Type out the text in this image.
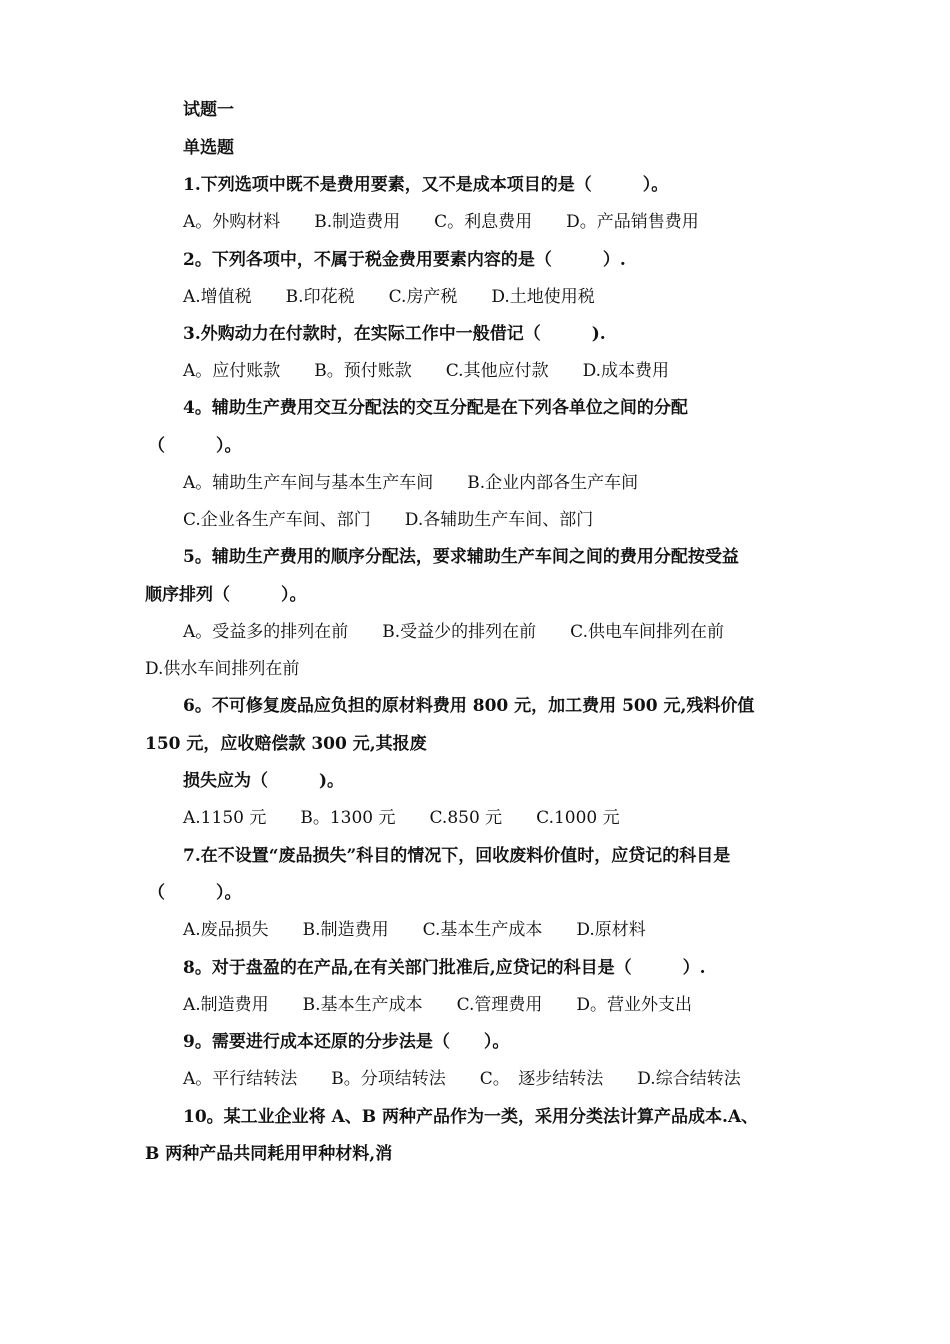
试题一

单选题

1.下列选项中既不是费用要素，又不是成本项目的是（　　　）。

A。外购材料　　B.制造费用　　C。利息费用　　D。产品销售费用

2。下列各项中，不属于税金费用要素内容的是（　　　）.

A.增值税　　B.印花税　　C.房产税　　D.土地使用税

3.外购动力在付款时，在实际工作中一般借记（　　　).

A。应付账款　　B。预付账款　　C.其他应付款　　D.成本费用

4。辅助生产费用交互分配法的交互分配是在下列各单位之间的分配

（　　　）。

A。辅助生产车间与基本生产车间　　B.企业内部各生产车间

C.企业各生产车间、部门　　D.各辅助生产车间、部门

5。辅助生产费用的顺序分配法，要求辅助生产车间之间的费用分配按受益

顺序排列（　　　）。

A。受益多的排列在前　　B.受益少的排列在前　　C.供电车间排列在前

D.供水车间排列在前

6。不可修复废品应负担的原材料费用 800 元，加工费用 500 元,残料价值

150 元，应收赔偿款 300 元,其报废

损失应为（　　　)。

A.1150 元　　B。1300 元　　C.850 元　　C.1000 元

7.在不设置“废品损失”科目的情况下，回收废料价值时，应贷记的科目是

（　　　）。

A.废品损失　　B.制造费用　　C.基本生产成本　　D.原材料

8。对于盘盈的在产品,在有关部门批准后,应贷记的科目是（　　　）.

A.制造费用　　B.基本生产成本　　C.管理费用　　D。营业外支出

9。需要进行成本还原的分步法是（　　）。

A。平行结转法　　B。分项结转法　　C。　逐步结转法　　D.综合结转法

10。某工业企业将 A、B 两种产品作为一类，采用分类法计算产品成本.A、

B 两种产品共同耗用甲种材料,消
